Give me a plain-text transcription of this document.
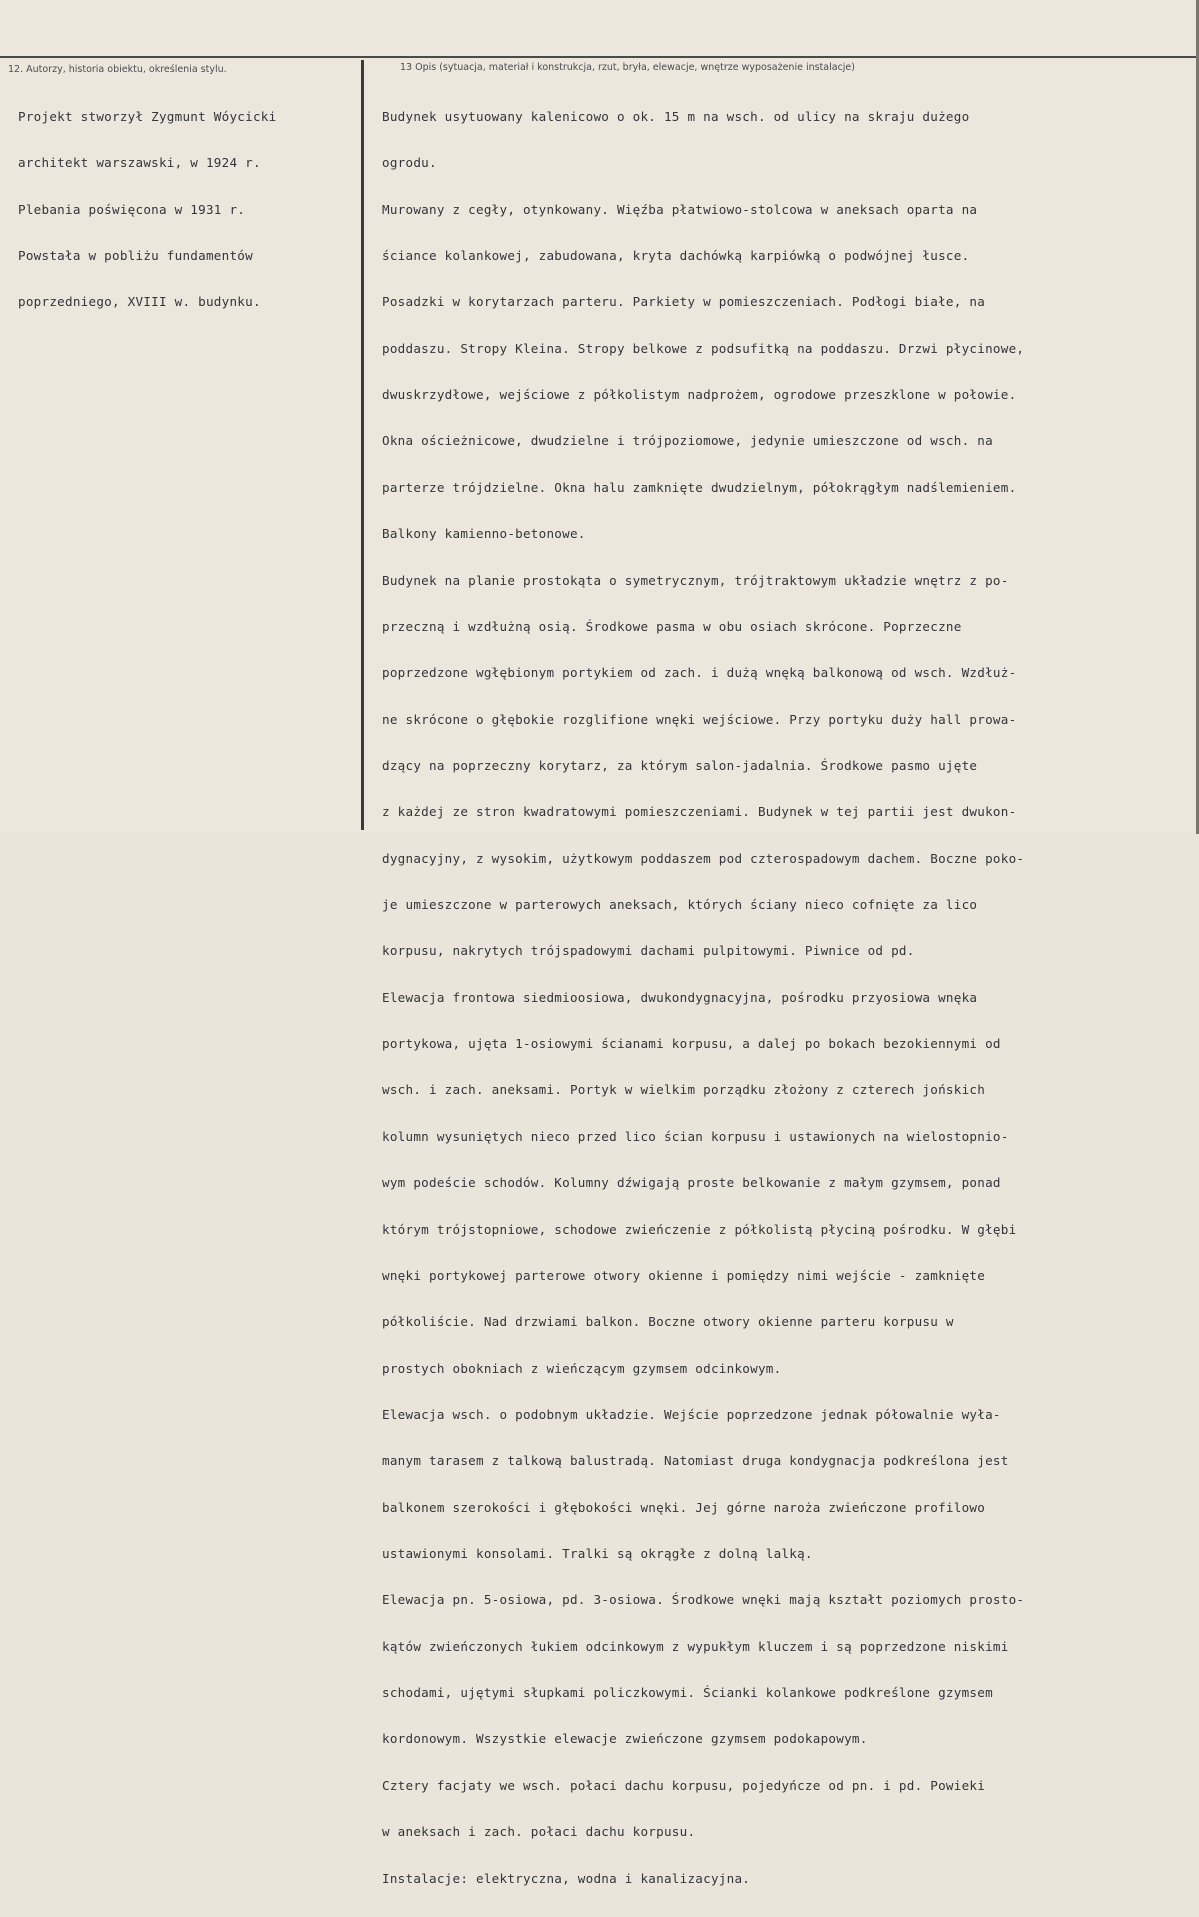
12. Autorzy, historia obiektu, określenia stylu.	13 Opis (sytuacja, materiał i konstrukcja, rzut, bryła, elewacje, wnętrze wyposażenie instalacje)

Projekt stworzył Zygmunt Wóycicki

architekt warszawski, w 1924 r.

Plebania poświęcona w 1931 r.

Powstała w pobliżu fundamentów

poprzedniego, XVIII w. budynku.

Budynek usytuowany kalenicowo o ok. 15 m na wsch. od ulicy na skraju dużego

ogrodu.

Murowany z cegły, otynkowany. Więźba płatwiowo-stolcowa w aneksach oparta na

ściance kolankowej, zabudowana, kryta dachówką karpiówką o podwójnej łusce.

Posadzki w korytarzach parteru. Parkiety w pomieszczeniach. Podłogi białe, na

poddaszu. Stropy Kleina. Stropy belkowe z podsufitką na poddaszu. Drzwi płycinowe,

dwuskrzydłowe, wejściowe z półkolistym nadprożem, ogrodowe przeszklone w połowie.

Okna ościeżnicowe, dwudzielne i trójpoziomowe, jedynie umieszczone od wsch. na

parterze trójdzielne. Okna halu zamknięte dwudzielnym, półokrągłym nadślemieniem.

Balkony kamienno-betonowe.

Budynek na planie prostokąta o symetrycznym, trójtraktowym układzie wnętrz z po-

przeczną i wzdłużną osią. Środkowe pasma w obu osiach skrócone. Poprzeczne

poprzedzone wgłębionym portykiem od zach. i dużą wnęką balkonową od wsch. Wzdłuż-

ne skrócone o głębokie rozglifione wnęki wejściowe. Przy portyku duży hall prowa-

dzący na poprzeczny korytarz, za którym salon-jadalnia. Środkowe pasmo ujęte

z każdej ze stron kwadratowymi pomieszczeniami. Budynek w tej partii jest dwukon-

dygnacyjny, z wysokim, użytkowym poddaszem pod czterospadowym dachem. Boczne poko-

je umieszczone w parterowych aneksach, których ściany nieco cofnięte za lico

korpusu, nakrytych trójspadowymi dachami pulpitowymi. Piwnice od pd.

Elewacja frontowa siedmioosiowa, dwukondygnacyjna, pośrodku przyosiowa wnęka

portykowa, ujęta 1-osiowymi ścianami korpusu, a dalej po bokach bezokiennymi od

wsch. i zach. aneksami. Portyk w wielkim porządku złożony z czterech jońskich

kolumn wysuniętych nieco przed lico ścian korpusu i ustawionych na wielostopnio-

wym podeście schodów. Kolumny dźwigają proste belkowanie z małym gzymsem, ponad

którym trójstopniowe, schodowe zwieńczenie z półkolistą płyciną pośrodku. W głębi

wnęki portykowej parterowe otwory okienne i pomiędzy nimi wejście - zamknięte

półkoliście. Nad drzwiami balkon. Boczne otwory okienne parteru korpusu w

prostych obokniach z wieńczącym gzymsem odcinkowym.

Elewacja wsch. o podobnym układzie. Wejście poprzedzone jednak półowalnie wyła-

manym tarasem z talkową balustradą. Natomiast druga kondygnacja podkreślona jest

balkonem szerokości i głębokości wnęki. Jej górne naroża zwieńczone profilowo

ustawionymi konsolami. Tralki są okrągłe z dolną lalką.

Elewacja pn. 5-osiowa, pd. 3-osiowa. Środkowe wnęki mają kształt poziomych prosto-

kątów zwieńczonych łukiem odcinkowym z wypukłym kluczem i są poprzedzone niskimi

schodami, ujętymi słupkami policzkowymi. Ścianki kolankowe podkreślone gzymsem

kordonowym. Wszystkie elewacje zwieńczone gzymsem podokapowym.

Cztery facjaty we wsch. połaci dachu korpusu, pojedyńcze od pn. i pd. Powieki

w aneksach i zach. połaci dachu korpusu.

Instalacje: elektryczna, wodna i kanalizacyjna.
